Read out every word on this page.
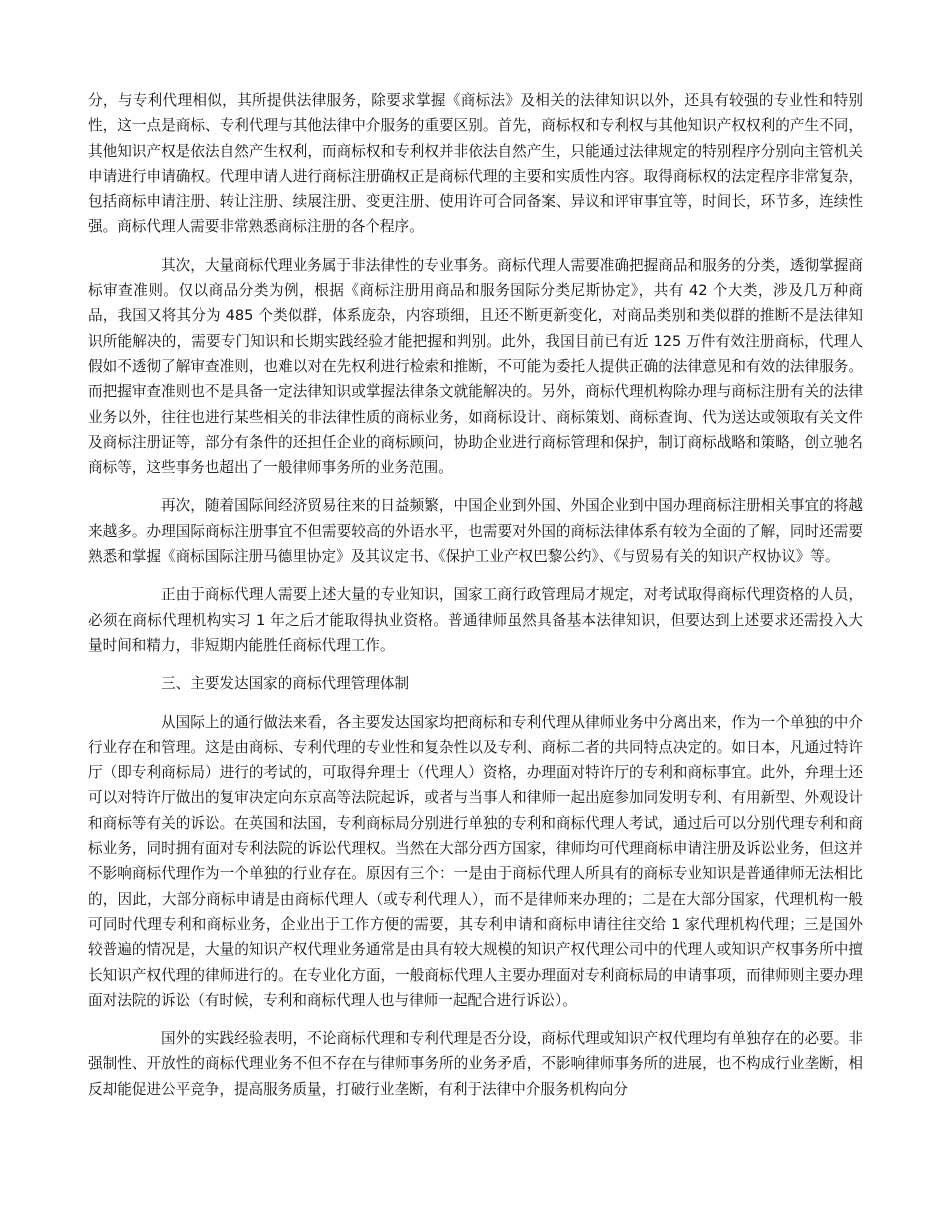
分，与专利代理相似，其所提供法律服务，除要求掌握《商标法》及相关的法律知识以外，还具有较强的专业性和特别性，这一点是商标、专利代理与其他法律中介服务的重要区别。首先，商标权和专利权与其他知识产权权利的产生不同，其他知识产权是依法自然产生权利，而商标权和专利权并非依法自然产生，只能通过法律规定的特别程序分别向主管机关申请进行申请确权。代理申请人进行商标注册确权正是商标代理的主要和实质性内容。取得商标权的法定程序非常复杂，包括商标申请注册、转让注册、续展注册、变更注册、使用许可合同备案、异议和评审事宜等，时间长，环节多，连续性强。商标代理人需要非常熟悉商标注册的各个程序。

其次，大量商标代理业务属于非法律性的专业事务。商标代理人需要准确把握商品和服务的分类，透彻掌握商标审查准则。仅以商品分类为例，根据《商标注册用商品和服务国际分类尼斯协定》，共有 42 个大类，涉及几万种商品，我国又将其分为 485 个类似群，体系庞杂，内容琐细，且还不断更新变化，对商品类别和类似群的推断不是法律知识所能解决的，需要专门知识和长期实践经验才能把握和判别。此外，我国目前已有近 125 万件有效注册商标，代理人假如不透彻了解审查准则，也难以对在先权利进行检索和推断，不可能为委托人提供正确的法律意见和有效的法律服务。而把握审查准则也不是具备一定法律知识或掌握法律条文就能解决的。另外，商标代理机构除办理与商标注册有关的法律业务以外，往往也进行某些相关的非法律性质的商标业务，如商标设计、商标策划、商标查询、代为送达或领取有关文件及商标注册证等，部分有条件的还担任企业的商标顾问，协助企业进行商标管理和保护，制订商标战略和策略，创立驰名商标等，这些事务也超出了一般律师事务所的业务范围。

再次，随着国际间经济贸易往来的日益频繁，中国企业到外国、外国企业到中国办理商标注册相关事宜的将越来越多。办理国际商标注册事宜不但需要较高的外语水平，也需要对外国的商标法律体系有较为全面的了解，同时还需要熟悉和掌握《商标国际注册马德里协定》及其议定书、《保护工业产权巴黎公约》、《与贸易有关的知识产权协议》等。

正由于商标代理人需要上述大量的专业知识，国家工商行政管理局才规定，对考试取得商标代理资格的人员，必须在商标代理机构实习 1 年之后才能取得执业资格。普通律师虽然具备基本法律知识，但要达到上述要求还需投入大量时间和精力，非短期内能胜任商标代理工作。

三、主要发达国家的商标代理管理体制

从国际上的通行做法来看，各主要发达国家均把商标和专利代理从律师业务中分离出来，作为一个单独的中介行业存在和管理。这是由商标、专利代理的专业性和复杂性以及专利、商标二者的共同特点决定的。如日本，凡通过特许厅（即专利商标局）进行的考试的，可取得弁理士（代理人）资格，办理面对特许厅的专利和商标事宜。此外，弁理士还可以对特许厅做出的复审决定向东京高等法院起诉，或者与当事人和律师一起出庭参加同发明专利、有用新型、外观设计和商标等有关的诉讼。在英国和法国，专利商标局分别进行单独的专利和商标代理人考试，通过后可以分别代理专利和商标业务，同时拥有面对专利法院的诉讼代理权。当然在大部分西方国家，律师均可代理商标申请注册及诉讼业务，但这并不影响商标代理作为一个单独的行业存在。原因有三个：一是由于商标代理人所具有的商标专业知识是普通律师无法相比的，因此，大部分商标申请是由商标代理人（或专利代理人），而不是律师来办理的；二是在大部分国家，代理机构一般可同时代理专利和商标业务，企业出于工作方便的需要，其专利申请和商标申请往往交给 1 家代理机构代理；三是国外较普遍的情况是，大量的知识产权代理业务通常是由具有较大规模的知识产权代理公司中的代理人或知识产权事务所中擅长知识产权代理的律师进行的。在专业化方面，一般商标代理人主要办理面对专利商标局的申请事项，而律师则主要办理面对法院的诉讼（有时候，专利和商标代理人也与律师一起配合进行诉讼）。

国外的实践经验表明，不论商标代理和专利代理是否分设，商标代理或知识产权代理均有单独存在的必要。非强制性、开放性的商标代理业务不但不存在与律师事务所的业务矛盾，不影响律师事务所的进展，也不构成行业垄断，相反却能促进公平竞争，提高服务质量，打破行业垄断，有利于法律中介服务机构向分
